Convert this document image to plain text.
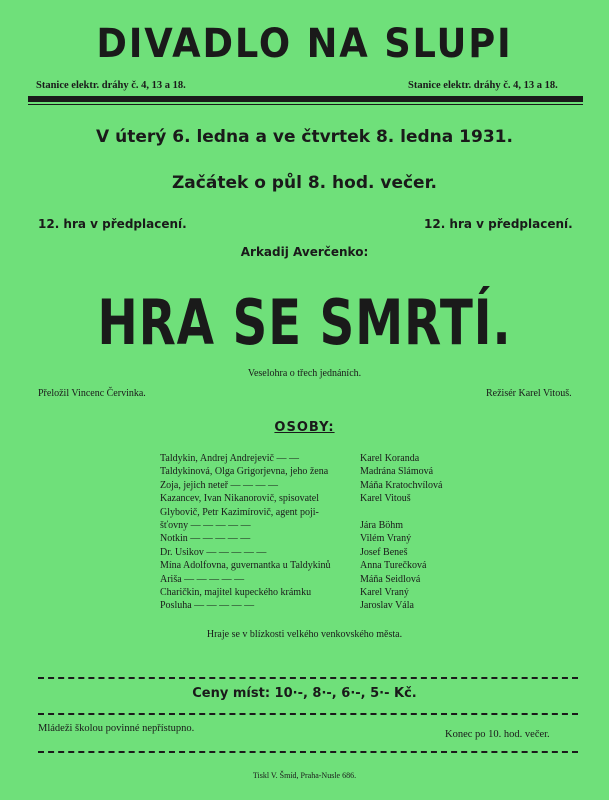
DIVADLO NA SLUPI
Stanice elektr. dráhy č. 4, 13 a 18.	Stanice elektr. dráhy č. 4, 13 a 18.
V úterý 6. ledna a ve čtvrtek 8. ledna 1931.
Začátek o půl 8. hod. večer.
12. hra v předplacení.	12. hra v předplacení.
Arkadij Averčenko:
HRA SE SMRTÍ.
Veselohra o třech jednáních.
Přeložil Vincenc Červinka.	Režisér Karel Vitouš.
OSOBY:
Taldykin, Andrej Andrejevič — —	Karel Koranda
Taldykinová, Olga Grigorjevna, jeho žena	Madrána Slámová
Zoja, jejich neteř — — — —	Máňa Kratochvílová
Kazancev, Ivan Nikanorovič, spisovatel	Karel Vitouš
Glybovič, Petr Kazimírovič, agent poji-
šťovny — — — — —	Jára Böhm
Notkin — — — — —	Vilém Vraný
Dr. Usikov — — — — —	Josef Beneš
Mína Adolfovna, guvernantka u Taldykinů	Anna Turečková
Ariša — — — — —	Máňa Seidlová
Charičkin, majitel kupeckého krámku	Karel Vraný
Posluha — — — — —	Jaroslav Vála
Hraje se v blízkosti velkého venkovského města.
Ceny míst: 10·-, 8·-, 6·-, 5·- Kč.
Mládeži školou povinné nepřístupno.
Konec po 10. hod. večer.
Tiskl V. Šmíd, Praha-Nusle 686.
